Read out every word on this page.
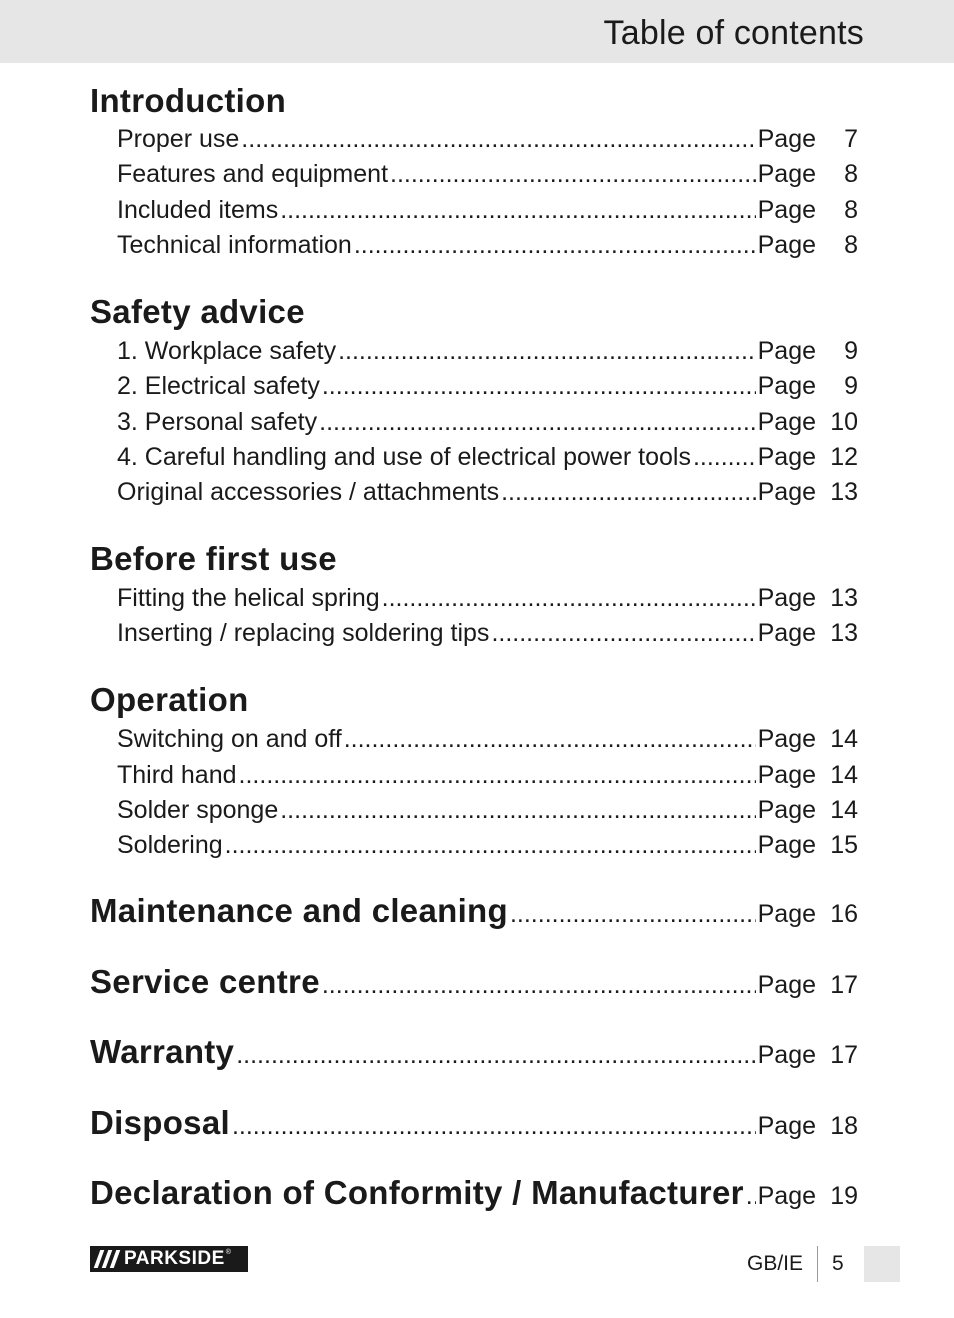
Table of contents
Introduction
Proper use .....	Page	7
Features and equipment .....	Page	8
Included items .....	Page	8
Technical information .....	Page	8
Safety advice
1. Workplace safety .....	Page	9
2. Electrical safety .....	Page	9
3. Personal safety .....	Page 10
4. Careful handling and use of electrical power tools .....	Page 12
Original accessories / attachments .....	Page 13
Before first use
Fitting the helical spring .....	Page 13
Inserting / replacing soldering tips .....	Page 13
Operation
Switching on and off .....	Page 14
Third hand .....	Page 14
Solder sponge .....	Page 14
Soldering .....	Page 15
Maintenance and cleaning .....	Page 16
Service centre .....	Page 17
Warranty .....	Page 17
Disposal .....	Page 18
Declaration of Conformity / Manufacturer ..... Page 19
PARKSIDE ®	GB/IE 5
